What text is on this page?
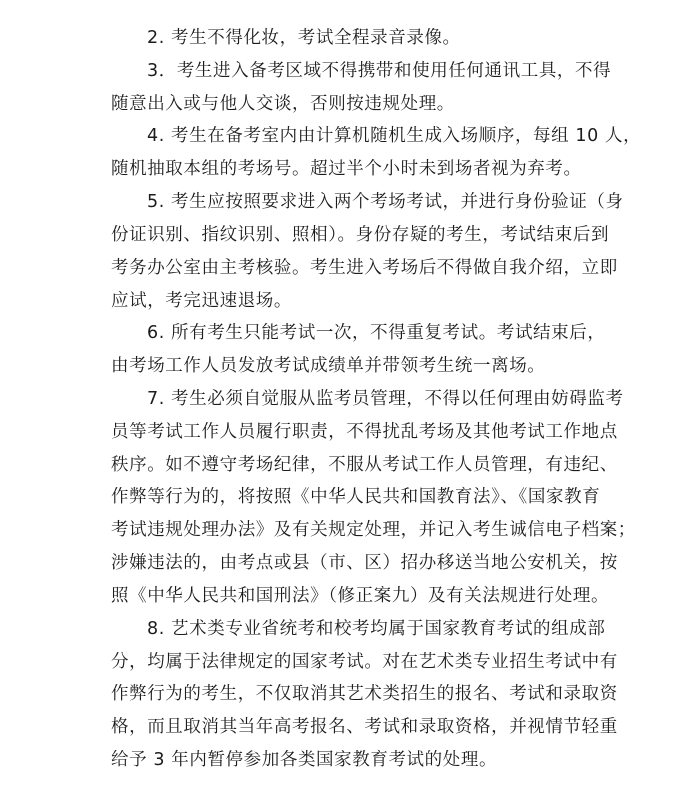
2. 考生不得化妆，考试全程录音录像。
3．考生进入备考区域不得携带和使用任何通讯工具，不得
随意出入或与他人交谈，否则按违规处理。
4. 考生在备考室内由计算机随机生成入场顺序，每组 10 人，
随机抽取本组的考场号。超过半个小时未到场者视为弃考。
5. 考生应按照要求进入两个考场考试，并进行身份验证（身
份证识别、指纹识别、照相）。身份存疑的考生，考试结束后到
考务办公室由主考核验。考生进入考场后不得做自我介绍，立即
应试，考完迅速退场。
6. 所有考生只能考试一次，不得重复考试。考试结束后，
由考场工作人员发放考试成绩单并带领考生统一离场。
7. 考生必须自觉服从监考员管理，不得以任何理由妨碍监考
员等考试工作人员履行职责，不得扰乱考场及其他考试工作地点
秩序。如不遵守考场纪律，不服从考试工作人员管理，有违纪、
作弊等行为的，将按照《中华人民共和国教育法》、《国家教育
考试违规处理办法》及有关规定处理，并记入考生诚信电子档案；
涉嫌违法的，由考点或县（市、区）招办移送当地公安机关，按
照《中华人民共和国刑法》（修正案九）及有关法规进行处理。
8. 艺术类专业省统考和校考均属于国家教育考试的组成部
分，均属于法律规定的国家考试。对在艺术类专业招生考试中有
作弊行为的考生，不仅取消其艺术类招生的报名、考试和录取资
格，而且取消其当年高考报名、考试和录取资格，并视情节轻重
给予 3 年内暂停参加各类国家教育考试的处理。
